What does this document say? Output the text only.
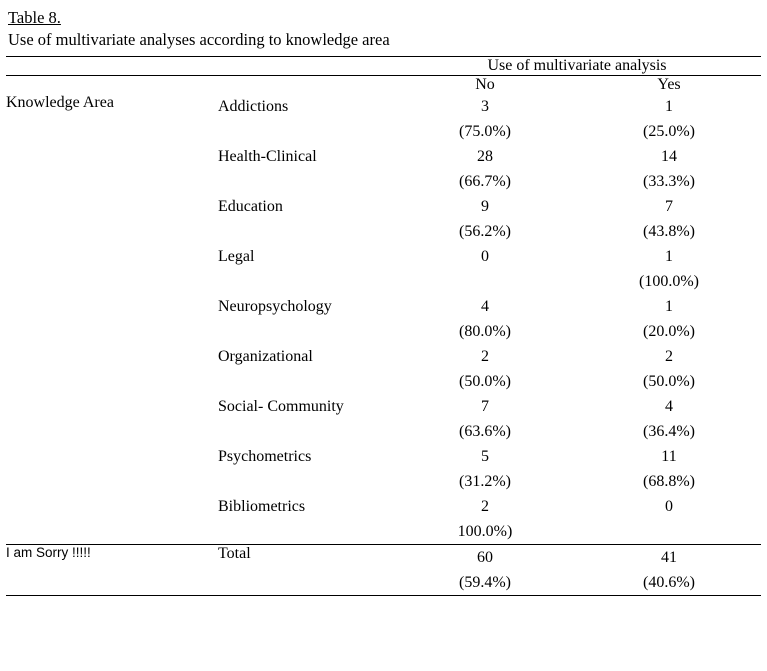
Table 8.
Use of multivariate analyses according to knowledge area
		Use of multivariate analysis	
		No	Yes
Knowledge Area	Addictions	3	1
		(75.0%)	(25.0%)
	Health-Clinical	28	14
		(66.7%)	(33.3%)
	Education	9	7
		(56.2%)	(43.8%)
	Legal	0	1
			(100.0%)
	Neuropsychology	4	1
		(80.0%)	(20.0%)
	Organizational	2	2
		(50.0%)	(50.0%)
	Social- Community	7	4
		(63.6%)	(36.4%)
	Psychometrics	5	11
		(31.2%)	(68.8%)
	Bibliometrics	2	0
		100.0%)	
I am Sorry !!!!!	Total	60	41
		(59.4%)	(40.6%)
